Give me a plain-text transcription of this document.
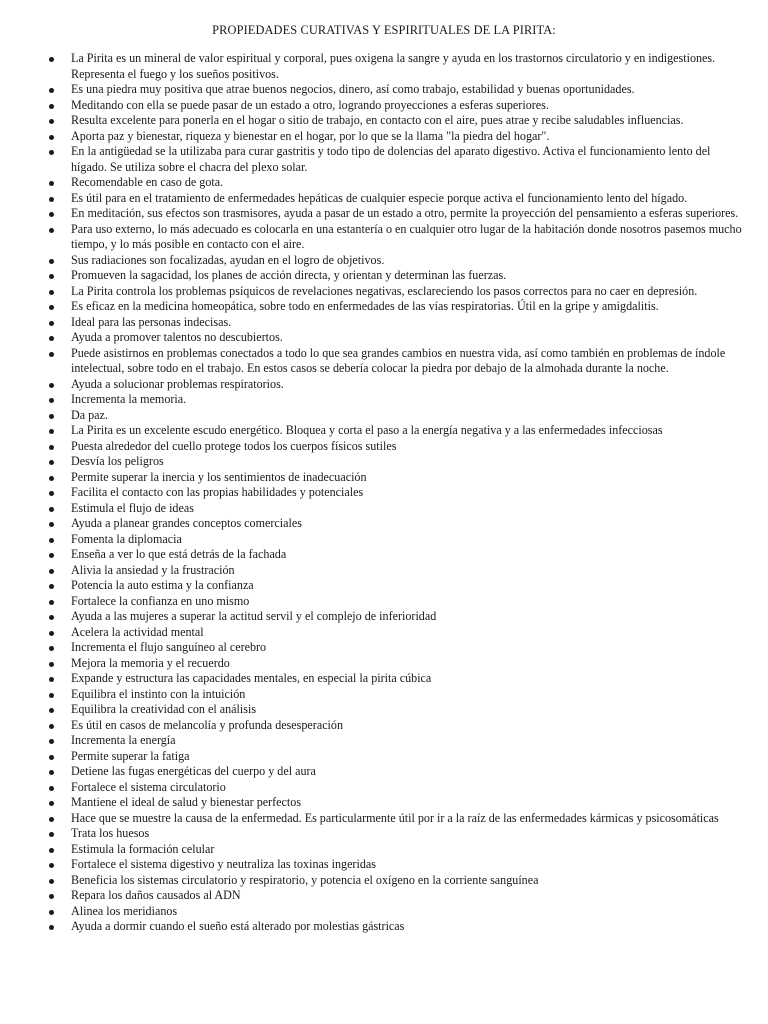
PROPIEDADES CURATIVAS Y ESPIRITUALES DE LA PIRITA:
La Pirita es un mineral de valor espiritual y corporal, pues oxigena la sangre y ayuda en los trastornos circulatorio y en indigestiones. Representa el fuego y los sueños positivos.
Es una piedra muy positiva que atrae buenos negocios, dinero, así como trabajo, estabilidad y buenas oportunidades.
Meditando con ella se puede pasar de un estado a otro, logrando proyecciones a esferas superiores.
Resulta excelente para ponerla en el hogar o sitio de trabajo, en contacto con el aire, pues atrae y recibe saludables influencias.
Aporta paz y bienestar, riqueza y bienestar en el hogar, por lo que se la llama "la piedra del hogar".
En la antigüedad se la utilizaba para curar gastritis y todo tipo de dolencias del aparato digestivo. Activa el funcionamiento lento del hígado. Se utiliza sobre el chacra del plexo solar.
Recomendable en caso de gota.
Es útil para en el tratamiento de enfermedades hepáticas de cualquier especie porque activa el funcionamiento lento del hígado.
En meditación, sus efectos son trasmisores, ayuda a pasar de un estado a otro, permite la proyección del pensamiento a esferas superiores.
Para uso externo, lo más adecuado es colocarla en una estantería o en cualquier otro lugar de la habitación donde nosotros pasemos mucho tiempo, y lo más posible en contacto con el aire.
Sus radiaciones son focalizadas, ayudan en el logro de objetivos.
Promueven la sagacidad, los planes de acción directa, y orientan y determinan las fuerzas.
La Pirita controla los problemas psíquicos de revelaciones negativas, esclareciendo los pasos correctos para no caer en depresión.
Es eficaz en la medicina homeopática, sobre todo en enfermedades de las vías respiratorias. Útil en la gripe y amigdalitis.
Ideal para las personas indecisas.
Ayuda a promover talentos no descubiertos.
Puede asistirnos en problemas conectados a todo lo que sea grandes cambios en nuestra vida, así como también en problemas de índole intelectual, sobre todo en el trabajo. En estos casos se debería colocar la piedra por debajo de la almohada durante la noche.
Ayuda a solucionar problemas respiratorios.
Incrementa la memoria.
Da paz.
La Pirita es un excelente escudo energético. Bloquea y corta el paso a la energía negativa y a las enfermedades infecciosas
Puesta alrededor del cuello protege todos los cuerpos físicos sutiles
Desvía los peligros
Permite superar la inercia y los sentimientos de inadecuación
Facilita el contacto con las propias habilidades y potenciales
Estimula el flujo de ideas
Ayuda a planear grandes conceptos comerciales
Fomenta la diplomacia
Enseña a ver lo que está detrás de la fachada
Alivia la ansiedad y la frustración
Potencia la auto estima y la confianza
Fortalece la confianza en uno mismo
Ayuda a las mujeres a superar la actitud servil y el complejo de inferioridad
Acelera la actividad mental
Incrementa el flujo sanguíneo al cerebro
Mejora la memoria y el recuerdo
Expande y estructura las capacidades mentales, en especial la pirita cúbica
Equilibra el instinto con la intuición
Equilibra la creatividad con el análisis
Es útil en casos de melancolía y profunda desesperación
Incrementa la energía
Permite superar la fatiga
Detiene las fugas energéticas del cuerpo y del aura
Fortalece el sistema circulatorio
Mantiene el ideal de salud y bienestar perfectos
Hace que se muestre la causa de la enfermedad. Es particularmente útil por ir a la raíz de las enfermedades kármicas y psicosomáticas
Trata los huesos
Estimula la formación celular
Fortalece el sistema digestivo y neutraliza las toxinas ingeridas
Beneficia los sistemas circulatorio y respiratorio, y potencia el oxígeno en la corriente sanguínea
Repara los daños causados al ADN
Alinea los meridianos
Ayuda a dormir cuando el sueño está alterado por molestias gástricas
